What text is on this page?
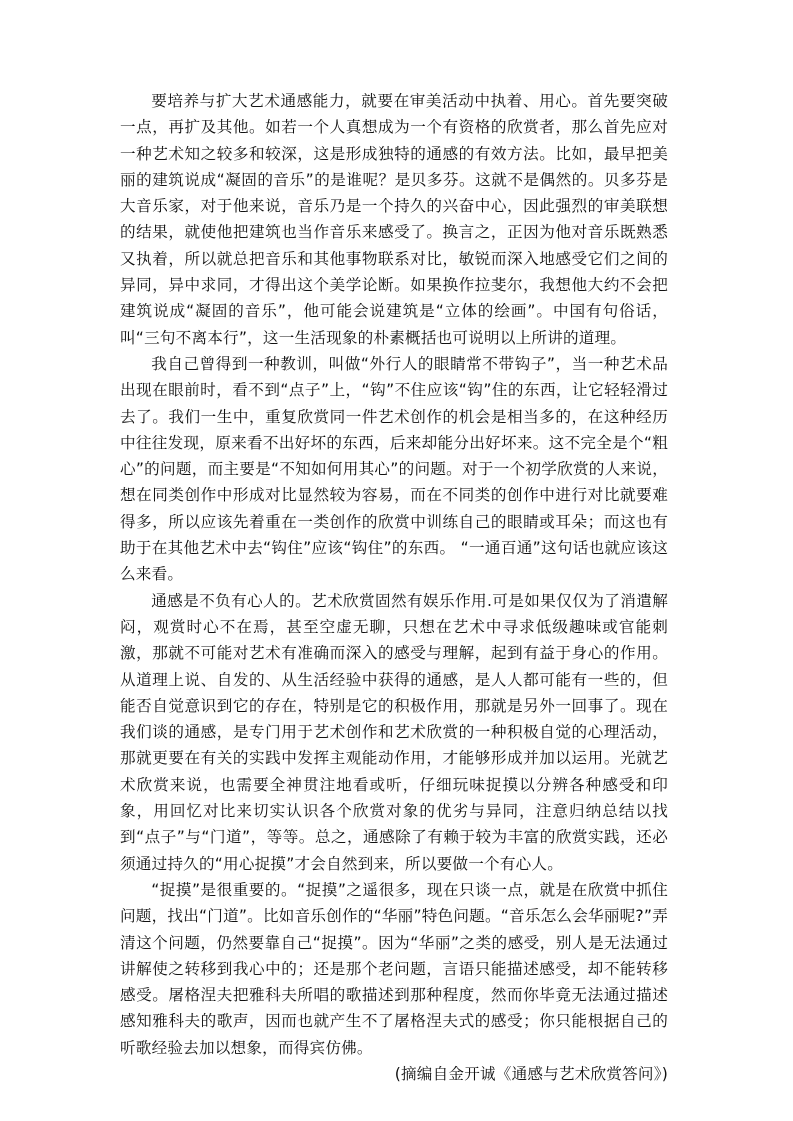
要培养与扩大艺术通感能力，就要在审美活动中执着、用心。首先要突破一点，再扩及其他。如若一个人真想成为一个有资格的欣赏者，那么首先应对一种艺术知之较多和较深，这是形成独特的通感的有效方法。比如，最早把美丽的建筑说成“凝固的音乐”的是谁呢？是贝多芬。这就不是偶然的。贝多芬是大音乐家，对于他来说，音乐乃是一个持久的兴奋中心，因此强烈的审美联想的结果，就使他把建筑也当作音乐来感受了。换言之，正因为他对音乐既熟悉又执着，所以就总把音乐和其他事物联系对比，敏锐而深入地感受它们之间的异同，异中求同，才得出这个美学论断。如果换作拉斐尔，我想他大约不会把建筑说成“凝固的音乐”，他可能会说建筑是“立体的绘画”。中国有句俗话，叫“三句不离本行”，这一生活现象的朴素概括也可说明以上所讲的道理。

我自己曾得到一种教训，叫做“外行人的眼睛常不带钩子”，当一种艺术品出现在眼前时，看不到“点子”上，“钩”不住应该“钩”住的东西，让它轻轻滑过去了。我们一生中，重复欣赏同一件艺术创作的机会是相当多的，在这种经历中往往发现，原来看不出好坏的东西，后来却能分出好坏来。这不完全是个“粗心”的问题，而主要是“不知如何用其心”的问题。对于一个初学欣赏的人来说，想在同类创作中形成对比显然较为容易，而在不同类的创作中进行对比就要难得多，所以应该先着重在一类创作的欣赏中训练自己的眼睛或耳朵；而这也有助于在其他艺术中去“钩住”应该“钩住”的东西。 “一通百通”这句话也就应该这么来看。

通感是不负有心人的。艺术欣赏固然有娱乐作用.可是如果仅仅为了消遣解闷，观赏时心不在焉，甚至空虚无聊，只想在艺术中寻求低级趣味或官能刺激，那就不可能对艺术有准确而深入的感受与理解，起到有益于身心的作用。从道理上说、自发的、从生活经验中获得的通感，是人人都可能有一些的，但能否自觉意识到它的存在，特别是它的积极作用，那就是另外一回事了。现在我们谈的通感，是专门用于艺术创作和艺术欣赏的一种积极自觉的心理活动，那就更要在有关的实践中发挥主观能动作用，才能够形成并加以运用。光就艺术欣赏来说，也需要全神贯注地看或听，仔细玩味捉摸以分辨各种感受和印象，用回忆对比来切实认识各个欣赏对象的优劣与异同，注意归纳总结以找到“点子”与“门道”，等等。总之，通感除了有赖于较为丰富的欣赏实践，还必须通过持久的“用心捉摸”才会自然到来，所以要做一个有心人。

“捉摸”是很重要的。“捉摸”之遥很多，现在只谈一点，就是在欣赏中抓住问题，找出“门道”。比如音乐创作的“华丽”特色问题。“音乐怎么会华丽呢?”弄清这个问题，仍然要靠自己“捉摸”。因为“华丽”之类的感受，别人是无法通过讲解使之转移到我心中的；还是那个老问题，言语只能描述感受，却不能转移感受。屠格涅夫把雅科夫所唱的歌描述到那种程度，然而你毕竟无法通过描述感知雅科夫的歌声，因而也就产生不了屠格涅夫式的感受；你只能根据自己的听歌经验去加以想象，而得宾仿佛。

(摘编自金开诚《通感与艺术欣赏答问》)
